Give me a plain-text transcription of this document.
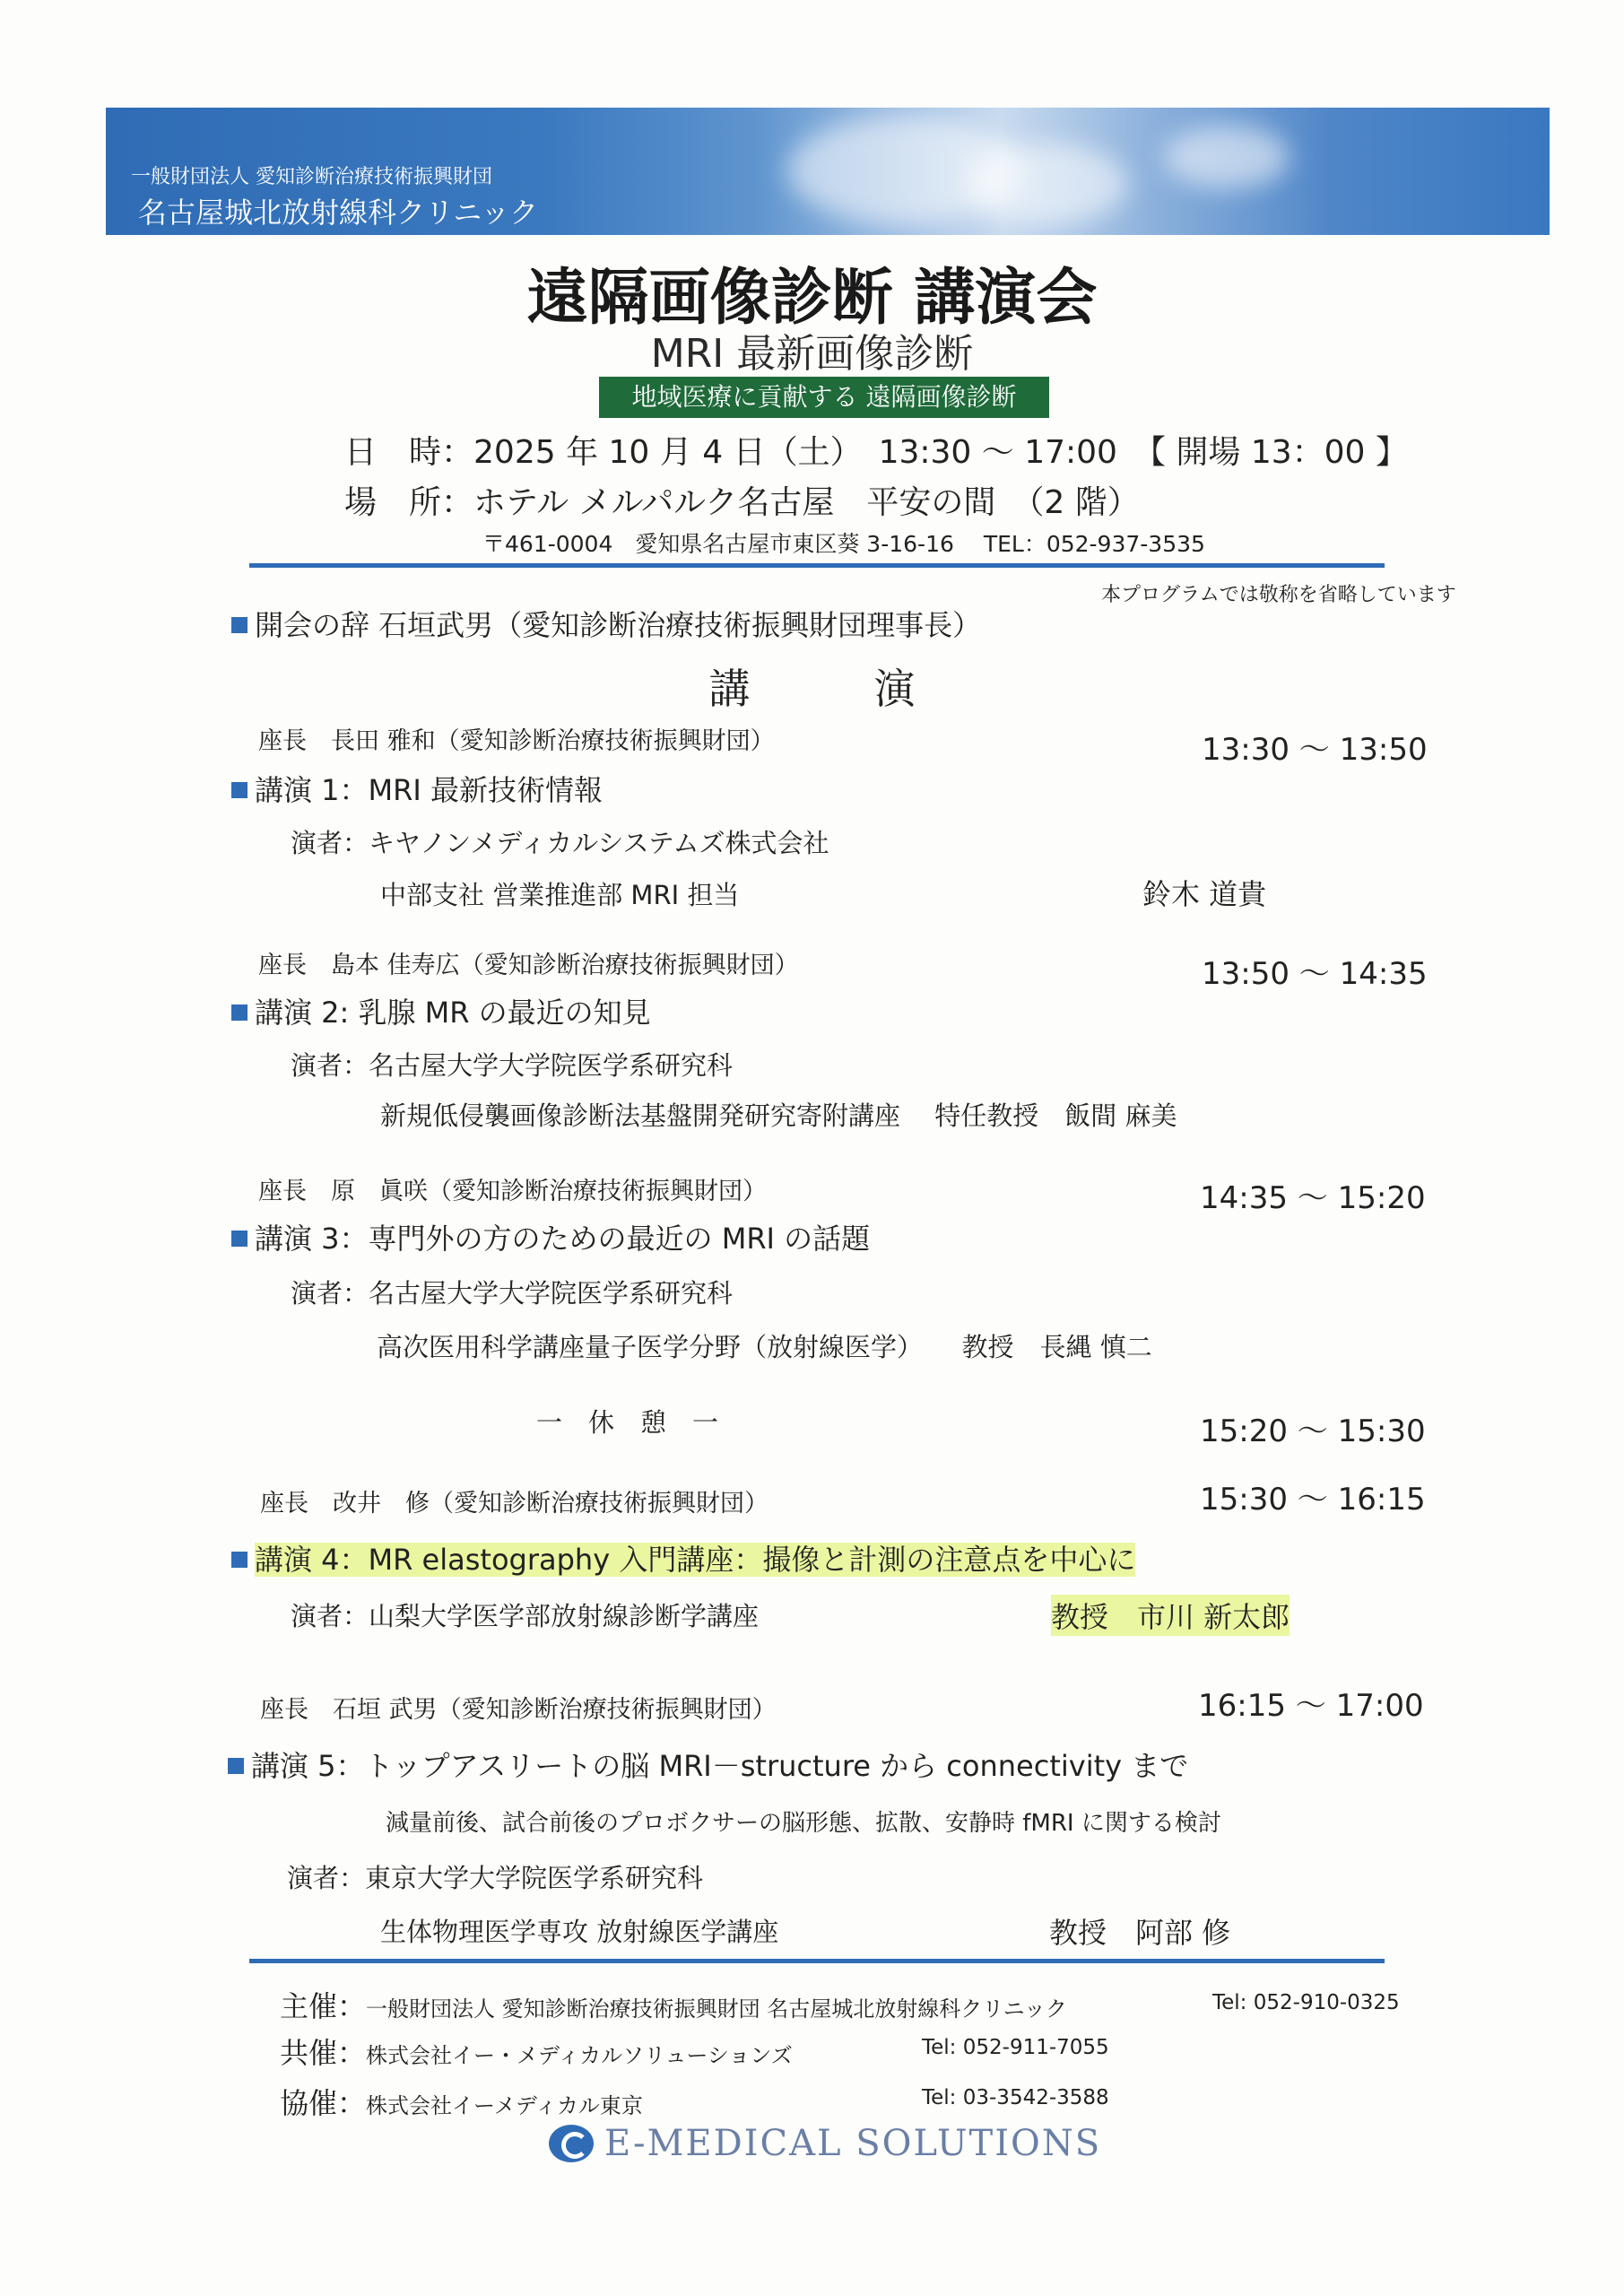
一般財団法人 愛知診断治療技術振興財団
名古屋城北放射線科クリニック
遠隔画像診断 講演会
MRI 最新画像診断
地域医療に貢献する 遠隔画像診断
日　時：2025 年 10 月 4 日（土）　13:30 ～ 17:00　【 開場 13：00 】
場　所：ホテル メルパルク名古屋　平安の間　（2 階）
〒461-0004　愛知県名古屋市東区葵 3-16-16　 TEL：052-937-3535
本プログラムでは敬称を省略しています
開会の辞 石垣武男（愛知診断治療技術振興財団理事長）
講　　　演
座長　長田 雅和（愛知診断治療技術振興財団）	13:30 ～ 13:50
講演 1：MRI 最新技術情報
演者：キヤノンメディカルシステムズ株式会社
中部支社 営業推進部 MRI 担当	鈴木 道貴
座長　島本 佳寿広（愛知診断治療技術振興財団）	13:50 ～ 14:35
講演 2: 乳腺 MR の最近の知見
演者：名古屋大学大学院医学系研究科
新規低侵襲画像診断法基盤開発研究寄附講座　 特任教授　飯間 麻美
座長　原　眞咲（愛知診断治療技術振興財団）	14:35 ～ 15:20
講演 3：専門外の方のための最近の MRI の話題
演者：名古屋大学大学院医学系研究科
高次医用科学講座量子医学分野（放射線医学）　　教授　長縄 慎二
一　休　憩　一	15:20 ～ 15:30
座長　改井　修（愛知診断治療技術振興財団）	15:30 ～ 16:15
講演 4：MR elastography 入門講座：撮像と計測の注意点を中心に
演者：山梨大学医学部放射線診断学講座	教授　市川 新太郎
座長　石垣 武男（愛知診断治療技術振興財団）	16:15 ～ 17:00
講演 5：トップアスリートの脳 MRI－structure から connectivity まで
減量前後、試合前後のプロボクサーの脳形態、拡散、安静時 fMRI に関する検討
演者：東京大学大学院医学系研究科
生体物理医学専攻 放射線医学講座	教授　阿部 修
主催：一般財団法人 愛知診断治療技術振興財団 名古屋城北放射線科クリニック	Tel: 052-910-0325
共催：株式会社イー・メディカルソリューションズ	Tel: 052-911-7055
協催：株式会社イーメディカル東京	Tel: 03-3542-3588
E-MEDICAL SOLUTIONS
